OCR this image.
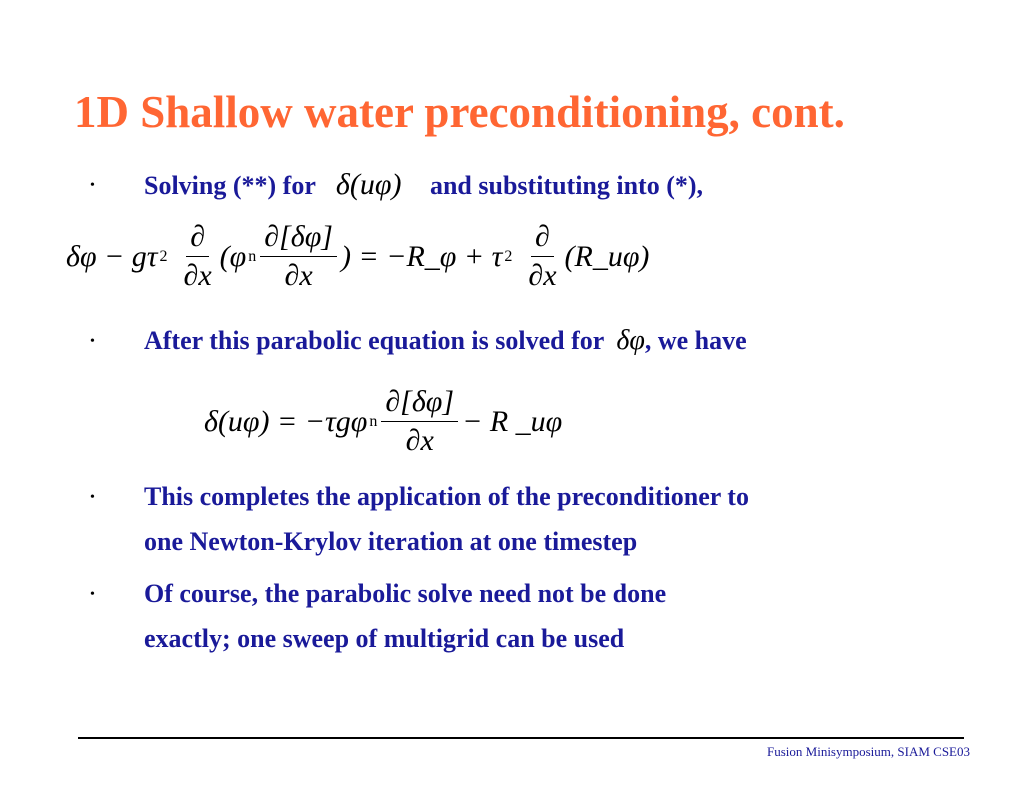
1D Shallow water preconditioning, cont.
• Solving (**) for δ(uφ) and substituting into (*),
δφ − gτ $2 \frac{\partial}{\partial x} (\varphi$ n $\frac{\partial[\delta\varphi]}{\partial x}$ ) = −R_φ + τ $2 \frac{\partial}{\partial x}$ (R_uφ)
• After this parabolic equation is solved for δφ, we have
δ(uφ) = −τgφ n $\frac{\partial[\delta\varphi]}{\partial x} - R$ _uφ
• This completes the application of the preconditioner to
one Newton-Krylov iteration at one timestep
• Of course, the parabolic solve need not be done
exactly; one sweep of multigrid can be used
Fusion Minisymposium, SIAM CSE03
